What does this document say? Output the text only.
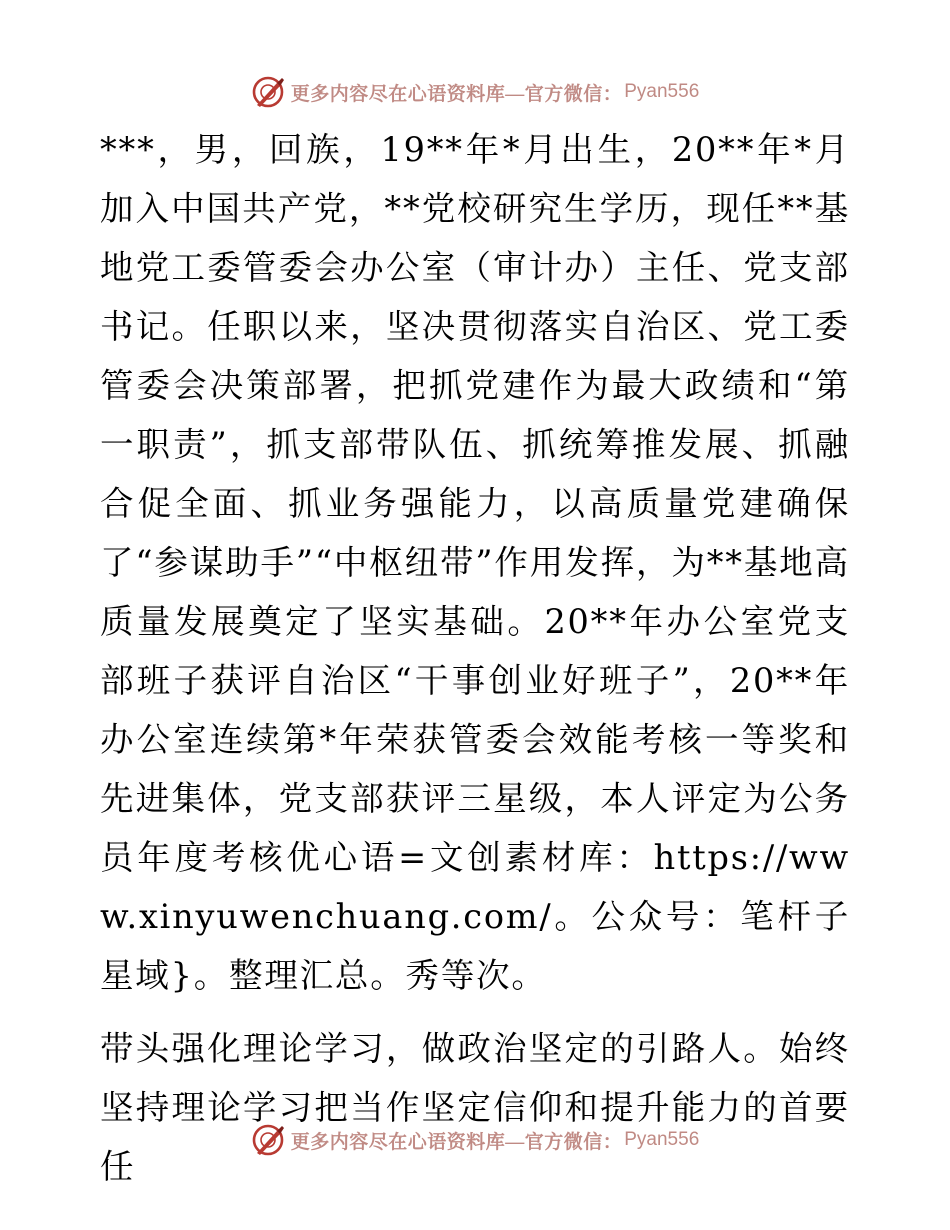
更多内容尽在心语资料库—官方微信： Pyan556

***，男，回族，19**年*月出生，20**年*月加入中国共产党，**党校研究生学历，现任**基地党工委管委会办公室（审计办）主任、党支部书记。任职以来，坚决贯彻落实自治区、党工委管委会决策部署，把抓党建作为最大政绩和“第一职责”，抓支部带队伍、抓统筹推发展、抓融合促全面、抓业务强能力，以高质量党建确保了“参谋助手”“中枢纽带”作用发挥，为**基地高质量发展奠定了坚实基础。20**年办公室党支部班子获评自治区“干事创业好班子”，20**年办公室连续第*年荣获管委会效能考核一等奖和先进集体，党支部获评三星级，本人评定为公务员年度考核优心语=文创素材库：https://www.xinyuwenchuang.com/。公众号：笔杆子星域}。整理汇总。秀等次。

带头强化理论学习，做政治坚定的引路人。始终坚持理论学习把当作坚定信仰和提升能力的首要任

更多内容尽在心语资料库—官方微信： Pyan556
